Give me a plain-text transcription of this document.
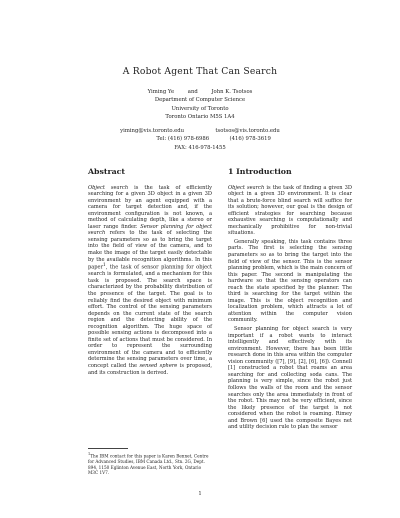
A Robot Agent That Can Search
Yiming Ye	and	John K. Tsotsos
Department of Computer Science
University of Toronto
Toronto Ontario M5S 1A4
yiming@vis.toronto.edu	tsotsos@vis.toronto.edu
Tel: (416) 978-6986	(416) 978-3619
FAX: 416-978-1455
Abstract

Object search is the task of efficiently searching for a given 3D object in a given 3D environment by an agent equipped with a camera for target detection and, if the environment configuration is not known, a method of calculating depth, like a stereo or laser range finder. Sensor planning for object search refers to the task of selecting the sensing parameters so as to bring the target into the field of view of the camera, and to make the image of the target easily detectable by the available recognition algorithms. In this paper$^1$, the task of sensor planning for object search is formulated, and a mechanism for this task is proposed. The search space is characterized by the probability distribution of the presence of the target. The goal is to reliably find the desired object with minimum effort. The control of the sensing parameters depends on the current state of the search region and the detecting ability of the recognition algorithm. The huge space of possible sensing actions is decomposed into a finite set of actions that must be considered. In order to represent the surrounding environment of the camera and to efficiently determine the sensing parameters over time, a concept called the sensed sphere is proposed, and its construction is derived.

1 Introduction

Object search is the task of finding a given 3D object in a given 3D environment. It is clear that a brute-force blind search will suffice for its solution; however, our goal is the design of efficient strategies for searching because exhaustive searching is computationally and mechanically prohibitive for non-trivial situations.

Generally speaking, this task contains three parts. The first is selecting the sensing parameters so as to bring the target into the field of view of the sensor. This is the sensor planning problem, which is the main concern of this paper. The second is manipulating the hardware so that the sensing operators can reach the state specified by the planner. The third is searching for the target within the image. This is the object recognition and localization problem, which attracts a lot of attention within the computer vision community.

Sensor planning for object search is very important if a robot wants to interact intelligently and effectively with its environment. However, there has been little research done in this area within the computer vision community ([7], [9], [2], [6], [6]). Connell [1] constructed a robot that roams an area searching for and collecting soda cans. The planning is very simple, since the robot just follows the walls of the room and the sensor searches only the area immediately in front of the robot. This may not be very efficient, since the likely presence of the target is not considered when the robot is roaming. Rimey and Brown [6] used the composite Bayes net and utility decision rule to plan the sensor

$^1$The IBM contact for this paper is Karen Bennet, Centre for Advanced Studies, IBM Canada Ltd., Stn. 2G, Dept. 894, 1150 Eglinton Avenue East, North York, Ontario M3C 1V7.
1
